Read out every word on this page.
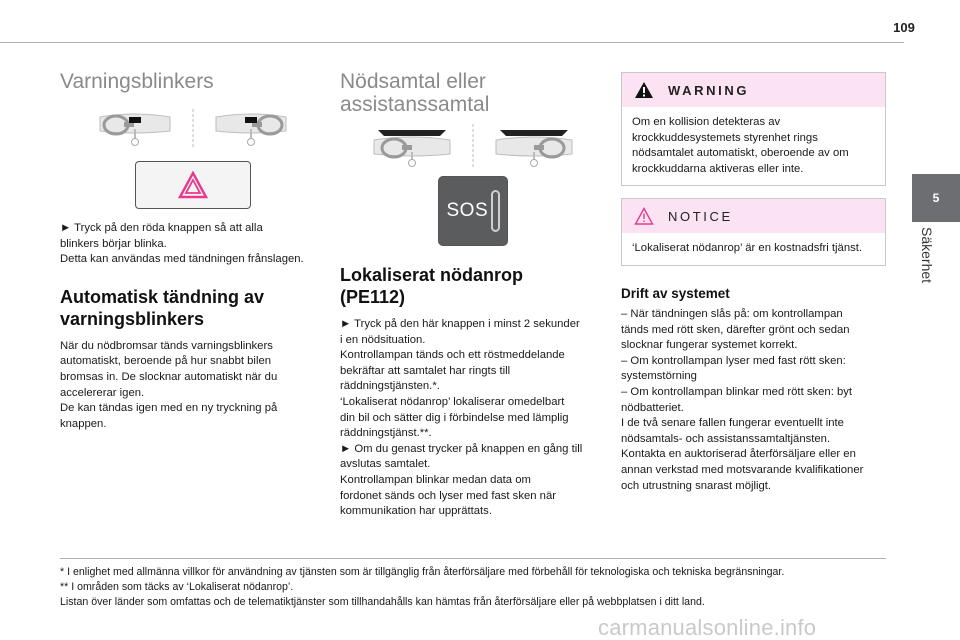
109
5
Säkerhet
Varningsblinkers

► Tryck på den röda knappen så att alla

blinkers börjar blinka.

Detta kan användas med tändningen frånslagen.

Automatisk tändning av
varningsblinkers

När du nödbromsar tänds varningsblinkers

automatiskt, beroende på hur snabbt bilen

bromsas in. De slocknar automatiskt när du

accelererar igen.

De kan tändas igen med en ny tryckning på

knappen.

Nödsamtal eller
assistanssamtal
SOS
Lokaliserat nödanrop
(PE112)

► Tryck på den här knappen i minst 2 sekunder

i en nödsituation.

Kontrollampan tänds och ett röstmeddelande

bekräftar att samtalet har ringts till

räddningstjänsten.*.

‘Lokaliserat nödanrop’ lokaliserar omedelbart

din bil och sätter dig i förbindelse med lämplig

räddningstjänst.**.

► Om du genast trycker på knappen en gång till

avslutas samtalet.

Kontrollampan blinkar medan data om

fordonet sänds och lyser med fast sken när

kommunikation har upprättats.

WARNING

Om en kollision detekteras av

krockkuddesystemets styrenhet rings

nödsamtalet automatiskt, oberoende av om

krockkuddarna aktiveras eller inte.

NOTICE

‘Lokaliserat nödanrop’ är en kostnadsfri tjänst.

Drift av systemet

– När tändningen slås på: om kontrollampan

tänds med rött sken, därefter grönt och sedan

slocknar fungerar systemet korrekt.

– Om kontrollampan lyser med fast rött sken:

systemstörning

– Om kontrollampan blinkar med rött sken: byt

nödbatteriet.

I de två senare fallen fungerar eventuellt inte

nödsamtals- och assistanssamtaltjänsten.

Kontakta en auktoriserad återförsäljare eller en

annan verkstad med motsvarande kvalifikationer

och utrustning snarast möjligt.

* I enlighet med allmänna villkor för användning av tjänsten som är tillgänglig från återförsäljare med förbehåll för teknologiska och tekniska begränsningar.

** I områden som täcks av ‘Lokaliserat nödanrop’.

Listan över länder som omfattas och de telematiktjänster som tillhandahålls kan hämtas från återförsäljare eller på webbplatsen i ditt land.

carmanualsonline.info
